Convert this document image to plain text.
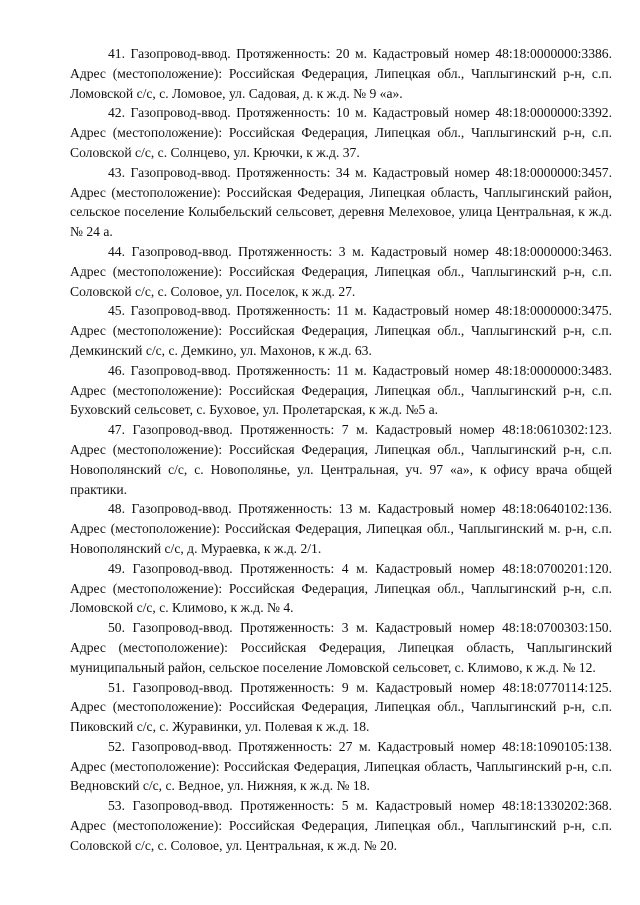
41. Газопровод-ввод. Протяженность: 20 м. Кадастровый номер 48:18:0000000:3386. Адрес (местоположение): Российская Федерация, Липецкая обл., Чаплыгинский р-н, с.п. Ломовской с/с, с. Ломовое, ул. Садовая, д. к ж.д. № 9 «а».

42. Газопровод-ввод. Протяженность: 10 м. Кадастровый номер 48:18:0000000:3392. Адрес (местоположение): Российская Федерация, Липецкая обл., Чаплыгинский р-н, с.п. Соловской с/с, с. Солнцево, ул. Крючки, к ж.д. 37.

43. Газопровод-ввод. Протяженность: 34 м. Кадастровый номер 48:18:0000000:3457. Адрес (местоположение): Российская Федерация, Липецкая область, Чаплыгинский район, сельское поселение Колыбельский сельсовет, деревня Мелеховое, улица Центральная, к ж.д. № 24 а.

44. Газопровод-ввод. Протяженность: 3 м. Кадастровый номер 48:18:0000000:3463. Адрес (местоположение): Российская Федерация, Липецкая обл., Чаплыгинский р-н, с.п. Соловской с/с, с. Соловое, ул. Поселок, к ж.д. 27.

45. Газопровод-ввод. Протяженность: 11 м. Кадастровый номер 48:18:0000000:3475. Адрес (местоположение): Российская Федерация, Липецкая обл., Чаплыгинский р-н, с.п. Демкинский с/с, с. Демкино, ул. Махонов, к ж.д. 63.

46. Газопровод-ввод. Протяженность: 11 м. Кадастровый номер 48:18:0000000:3483. Адрес (местоположение): Российская Федерация, Липецкая обл., Чаплыгинский р-н, с.п. Буховский сельсовет, с. Буховое, ул. Пролетарская, к ж.д. №5 а.

47. Газопровод-ввод. Протяженность: 7 м. Кадастровый номер 48:18:0610302:123. Адрес (местоположение): Российская Федерация, Липецкая обл., Чаплыгинский р-н, с.п. Новополянский с/с, с. Новополянье, ул. Центральная, уч. 97 «а», к офису врача общей практики.

48. Газопровод-ввод. Протяженность: 13 м. Кадастровый номер 48:18:0640102:136. Адрес (местоположение): Российская Федерация, Липецкая обл., Чаплыгинский м. р-н, с.п. Новополянский с/с, д. Мураевка, к ж.д. 2/1.

49. Газопровод-ввод. Протяженность: 4 м. Кадастровый номер 48:18:0700201:120. Адрес (местоположение): Российская Федерация, Липецкая обл., Чаплыгинский р-н, с.п. Ломовской с/с, с. Климово, к ж.д. № 4.

50. Газопровод-ввод. Протяженность: 3 м. Кадастровый номер 48:18:0700303:150. Адрес (местоположение): Российская Федерация, Липецкая область, Чаплыгинский муниципальный район, сельское поселение Ломовской сельсовет, с. Климово, к ж.д. № 12.

51. Газопровод-ввод. Протяженность: 9 м. Кадастровый номер 48:18:0770114:125. Адрес (местоположение): Российская Федерация, Липецкая обл., Чаплыгинский р-н, с.п. Пиковский с/с, с. Журавинки, ул. Полевая к ж.д. 18.

52. Газопровод-ввод. Протяженность: 27 м. Кадастровый номер 48:18:1090105:138. Адрес (местоположение): Российская Федерация, Липецкая область, Чаплыгинский р-н, с.п. Ведновский с/с, с. Ведное, ул. Нижняя, к ж.д. № 18.

53. Газопровод-ввод. Протяженность: 5 м. Кадастровый номер 48:18:1330202:368. Адрес (местоположение): Российская Федерация, Липецкая обл., Чаплыгинский р-н, с.п. Соловской с/с, с. Соловое, ул. Центральная, к ж.д. № 20.
